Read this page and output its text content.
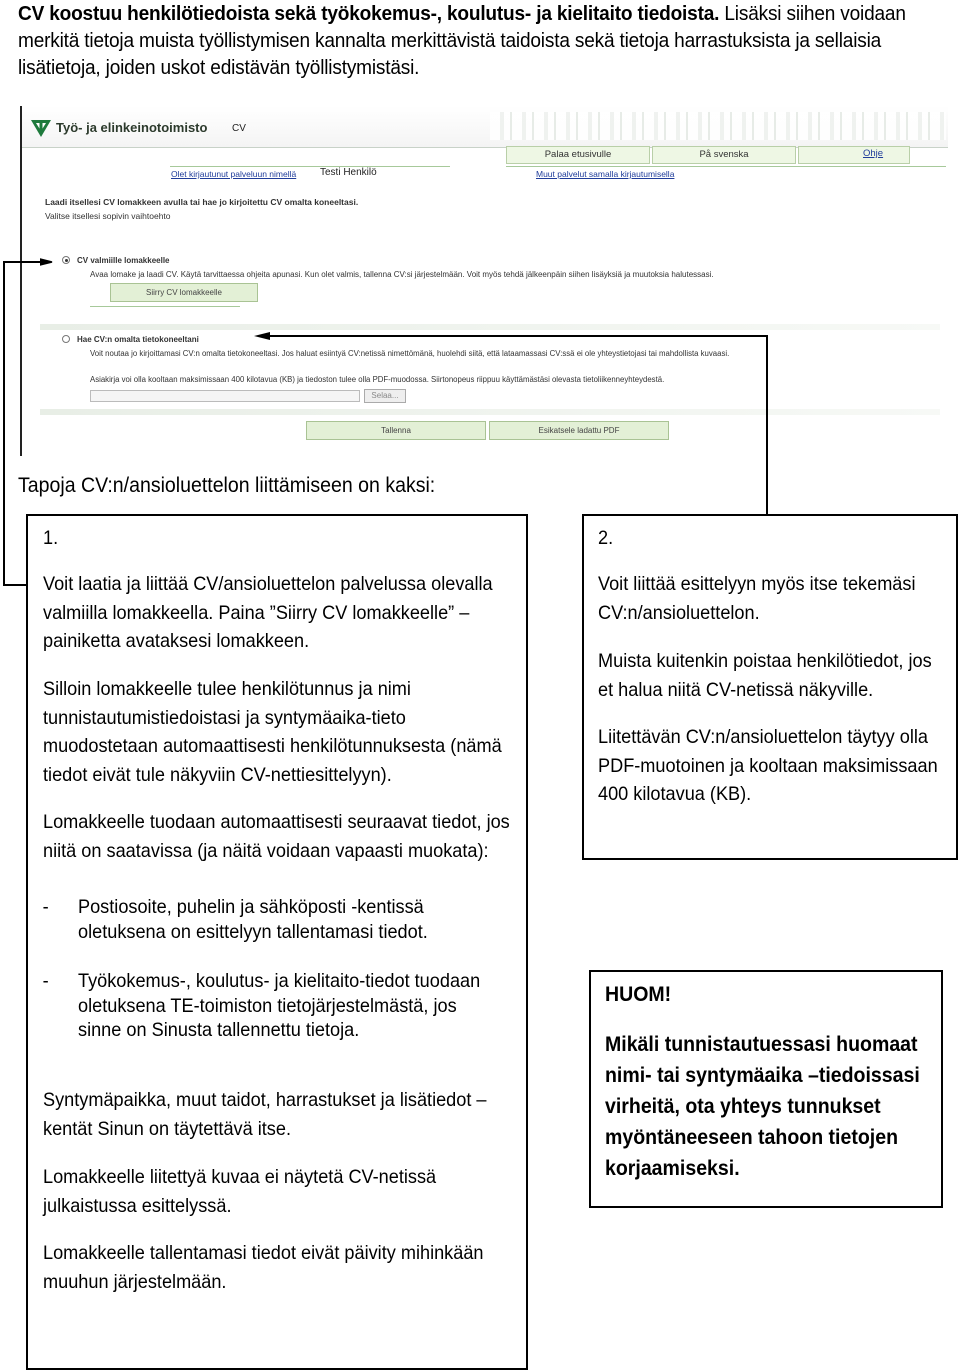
CV koostuu henkilötiedoista sekä työkokemus-, koulutus- ja kielitaito tiedoista. Lisäksi siihen voidaan merkitä tietoja muista työllistymisen kannalta merkittävistä taidoista sekä tietoja harrastuksista ja sellaisia lisätietoja, joiden uskot edistävän työllistymistäsi.
Työ- ja elinkeinotoimisto CV
Palaa etusivulle	På svenska	Ohje
Olet kirjautunut palveluun nimellä Testi Henkilö	Muut palvelut samalla kirjautumisella
Laadi itsellesi CV lomakkeen avulla tai hae jo kirjoitettu CV omalta koneeltasi.
Valitse itsellesi sopivin vaihtoehto
CV valmiille lomakkeelle
Avaa lomake ja laadi CV. Käytä tarvittaessa ohjeita apunasi. Kun olet valmis, tallenna CV:si järjestelmään. Voit myös tehdä jälkeenpäin siihen lisäyksiä ja muutoksia halutessasi.
Siirry CV lomakkeelle
Hae CV:n omalta tietokoneeltani
Voit noutaa jo kirjoittamasi CV:n omalta tietokoneeltasi. Jos haluat esiintyä CV:netissä nimettömänä, huolehdi siitä, että lataamassasi CV:ssä ei ole yhteystietojasi tai mahdollista kuvaasi.
Asiakirja voi olla kooltaan maksimissaan 400 kilotavua (KB) ja tiedoston tulee olla PDF-muodossa. Siirtonopeus riippuu käyttämästäsi olevasta tietoliikenneyhteydestä.
Selaa...
Tallenna	Esikatsele ladattu PDF
Tapoja CV:n/ansioluettelon liittämiseen on kaksi:
1.
Voit laatia ja liittää CV/ansioluettelon palvelussa olevalla valmiilla lomakkeella. Paina ”Siirry CV lomakkeelle” –painiketta avataksesi lomakkeen.
Silloin lomakkeelle tulee henkilötunnus ja nimi tunnistautumistiedoistasi ja syntymäaika-tieto muodostetaan automaattisesti henkilötunnuksesta (nämä tiedot eivät tule näkyviin CV-nettiesittelyyn).
Lomakkeelle tuodaan automaattisesti seuraavat tiedot, jos niitä on saatavissa (ja näitä voidaan vapaasti muokata):
- Postiosoite, puhelin ja sähköposti -kentissä oletuksena on esittelyyn tallentamasi tiedot.
- Työkokemus-, koulutus- ja kielitaito-tiedot tuodaan oletuksena TE-toimiston tietojärjestelmästä, jos sinne on Sinusta tallennettu tietoja.
Syntymäpaikka, muut taidot, harrastukset ja lisätiedot – kentät Sinun on täytettävä itse.
Lomakkeelle liitettyä kuvaa ei näytetä CV-netissä julkaistussa esittelyssä.
Lomakkeelle tallentamasi tiedot eivät päivity mihinkään muuhun järjestelmään.
2.
Voit liittää esittelyyn myös itse tekemäsi CV:n/ansioluettelon.
Muista kuitenkin poistaa henkilötiedot, jos et halua niitä CV-netissä näkyville.
Liitettävän CV:n/ansioluettelon täytyy olla PDF-muotoinen ja kooltaan maksimissaan 400 kilotavua (KB).
HUOM!
Mikäli tunnistautuessasi huomaat nimi- tai syntymäaika –tiedoissasi virheitä, ota yhteys tunnukset myöntäneeseen tahoon tietojen korjaamiseksi.
